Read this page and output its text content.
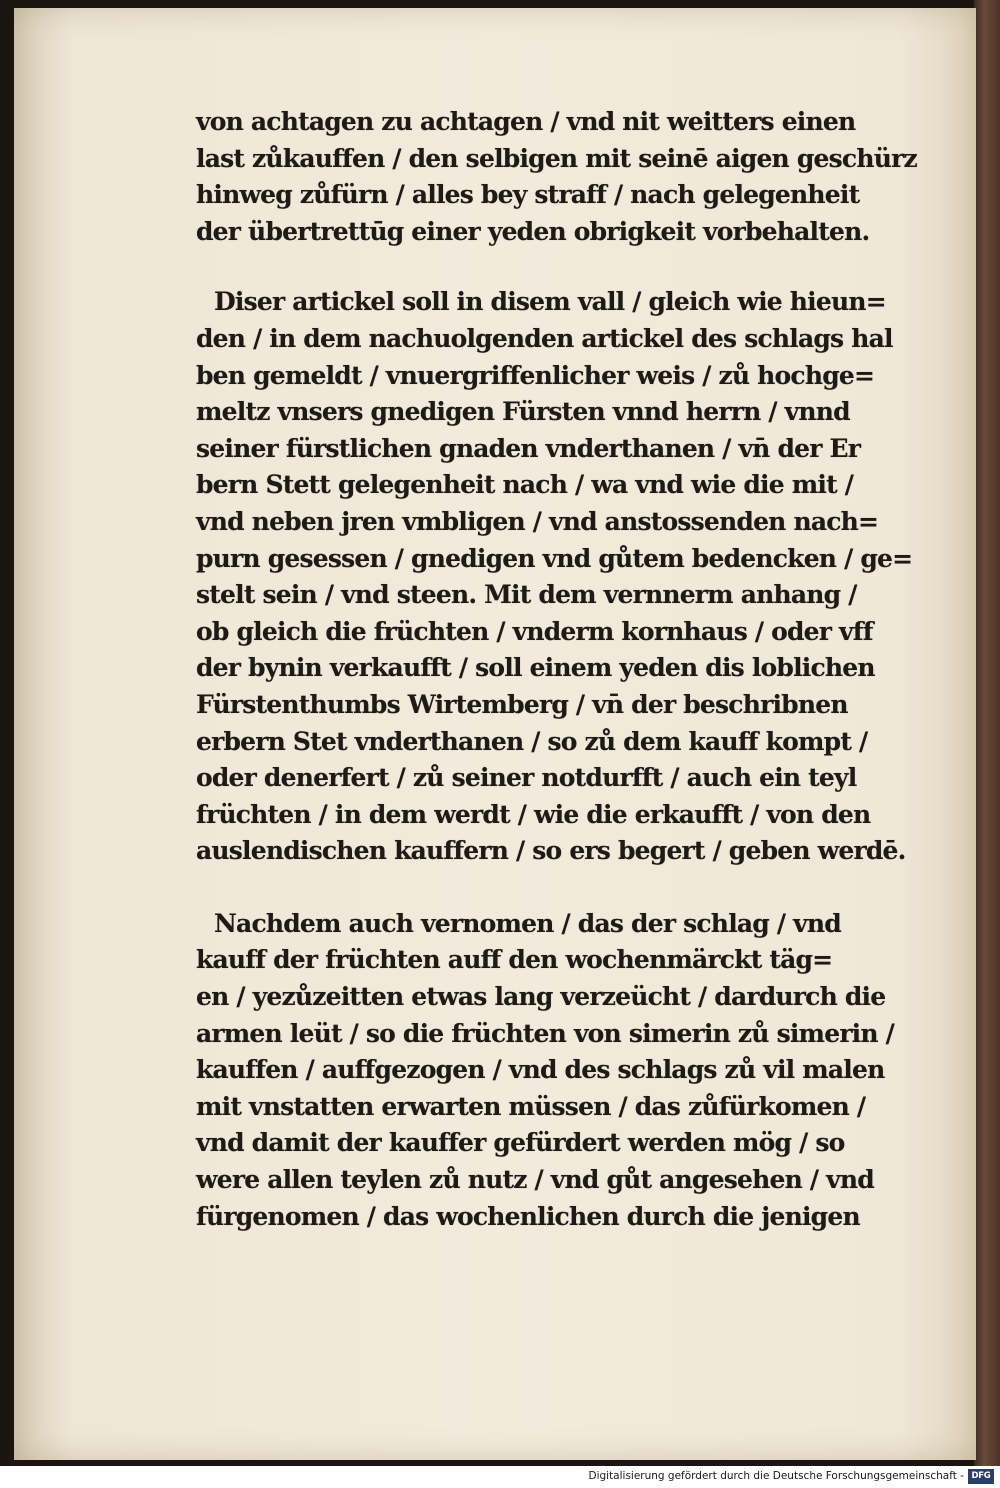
von achtagen zu achtagen / vnd nit weitters einen
last zůkauffen / den selbigen mit seinē aigen geschürz
hinweg zůfürn / alles bey straff / nach gelegenheit
der übertrettūg einer yeden obrigkeit vorbehalten.

Diser artickel soll in disem vall / gleich wie hieun=
den / in dem nachuolgenden artickel des schlags hal
ben gemeldt / vnuergriffenlicher weis / zů hochge=
meltz vnsers gnedigen Fürsten vnnd herrn / vnnd
seiner fürstlichen gnaden vnderthanen / vn̄ der Er
bern Stett gelegenheit nach / wa vnd wie die mit /
vnd neben jren vmbligen / vnd anstossenden nach=
purn gesessen / gnedigen vnd gůtem bedencken / ge=
stelt sein / vnd steen. Mit dem vernnerm anhang /
ob gleich die früchten / vnderm kornhaus / oder vff
der bynin verkaufft / soll einem yeden dis loblichen
Fürstenthumbs Wirtemberg / vn̄ der beschribnen
erbern Stet vnderthanen / so zů dem kauff kompt /
oder denerfert / zů seiner notdurfft / auch ein teyl
früchten / in dem werdt / wie die erkaufft / von den
auslendischen kauffern / so ers begert / geben werdē.

Nachdem auch vernomen / das der schlag / vnd
kauff der früchten auff den wochenmärckt täg=
en / yezůzeitten etwas lang verzeücht / dardurch die
armen leüt / so die früchten von simerin zů simerin /
kauffen / auffgezogen / vnd des schlags zů vil malen
mit vnstatten erwarten müssen / das zůfürkomen /
vnd damit der kauffer gefürdert werden mög / so
were allen teylen zů nutz / vnd gůt angesehen / vnd
fürgenomen / das wochenlichen durch die jenigen

Digitalisierung gefördert durch die Deutsche Forschungsgemeinschaft - DFG
